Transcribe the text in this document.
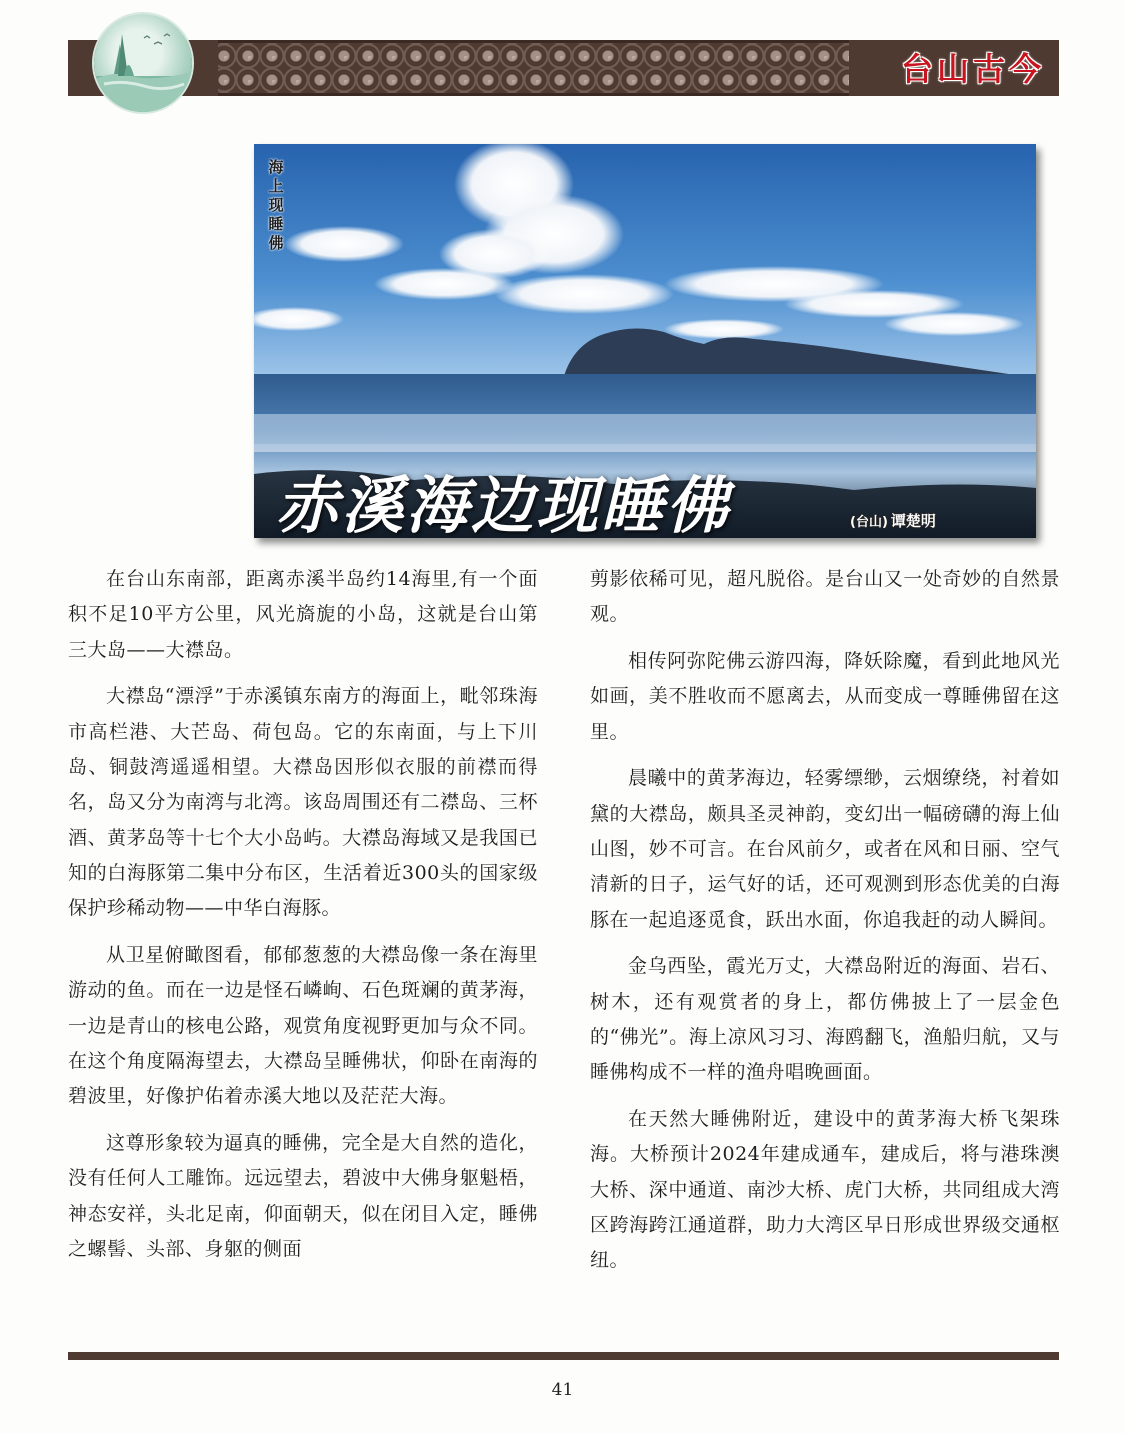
台山古今
海上现睡佛
赤溪海边现睡佛	(台山) 谭楚明

在台山东南部，距离赤溪半岛约14海里,有一个面积不足10平方公里，风光旖旎的小岛，这就是台山第三大岛——大襟岛。

大襟岛“漂浮”于赤溪镇东南方的海面上，毗邻珠海市高栏港、大芒岛、荷包岛。它的东南面，与上下川岛、铜鼓湾遥遥相望。大襟岛因形似衣服的前襟而得名，岛又分为南湾与北湾。该岛周围还有二襟岛、三杯酒、黄茅岛等十七个大小岛屿。大襟岛海域又是我国已知的白海豚第二集中分布区，生活着近300头的国家级保护珍稀动物——中华白海豚。

从卫星俯瞰图看，郁郁葱葱的大襟岛像一条在海里游动的鱼。而在一边是怪石嶙峋、石色斑斓的黄茅海，一边是青山的核电公路，观赏角度视野更加与众不同。在这个角度隔海望去，大襟岛呈睡佛状，仰卧在南海的碧波里，好像护佑着赤溪大地以及茫茫大海。

这尊形象较为逼真的睡佛，完全是大自然的造化，没有任何人工雕饰。远远望去，碧波中大佛身躯魁梧，神态安祥，头北足南，仰面朝天，似在闭目入定，睡佛之螺髻、头部、身躯的侧面

剪影依稀可见，超凡脱俗。是台山又一处奇妙的自然景观。

相传阿弥陀佛云游四海，降妖除魔，看到此地风光如画，美不胜收而不愿离去，从而变成一尊睡佛留在这里。

晨曦中的黄茅海边，轻雾缥缈，云烟缭绕，衬着如黛的大襟岛，颇具圣灵神韵，变幻出一幅磅礴的海上仙山图，妙不可言。在台风前夕，或者在风和日丽、空气清新的日子，运气好的话，还可观测到形态优美的白海豚在一起追逐觅食，跃出水面，你追我赶的动人瞬间。

金乌西坠，霞光万丈，大襟岛附近的海面、岩石、树木，还有观赏者的身上，都仿佛披上了一层金色的“佛光”。海上凉风习习、海鸥翻飞，渔船归航，又与睡佛构成不一样的渔舟唱晚画面。

在天然大睡佛附近，建设中的黄茅海大桥飞架珠海。大桥预计2024年建成通车，建成后，将与港珠澳大桥、深中通道、南沙大桥、虎门大桥，共同组成大湾区跨海跨江通道群，助力大湾区早日形成世界级交通枢纽。

41
